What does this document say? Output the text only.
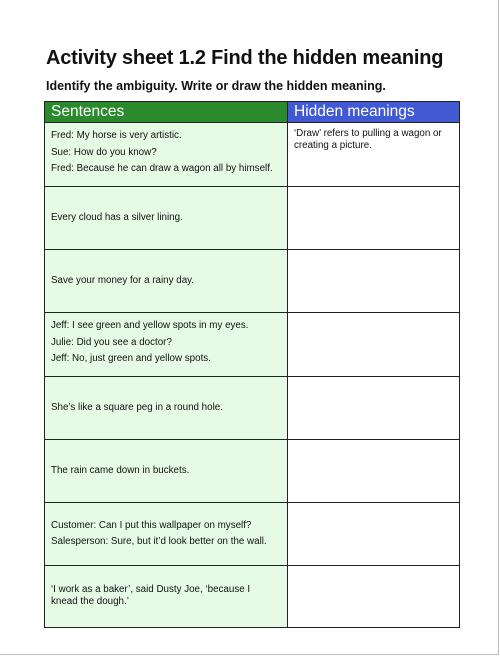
Activity sheet 1.2 Find the hidden meaning
Identify the ambiguity. Write or draw the hidden meaning.
Sentences	Hidden meanings

Fred: My horse is very artistic.
Sue: How do you know?
Fred: Because he can draw a wagon all by himself.	‘Draw’ refers to pulling a wagon or creating a picture.

Every cloud has a silver lining.	

Save your money for a rainy day.	

Jeff: I see green and yellow spots in my eyes.
Julie: Did you see a doctor?
Jeff: No, just green and yellow spots.	

She’s like a square peg in a round hole.	

The rain came down in buckets.	

Customer: Can I put this wallpaper on myself?
Salesperson: Sure, but it’d look better on the wall.	

‘I work as a baker’, said Dusty Joe, ‘because I
knead the dough.’	
